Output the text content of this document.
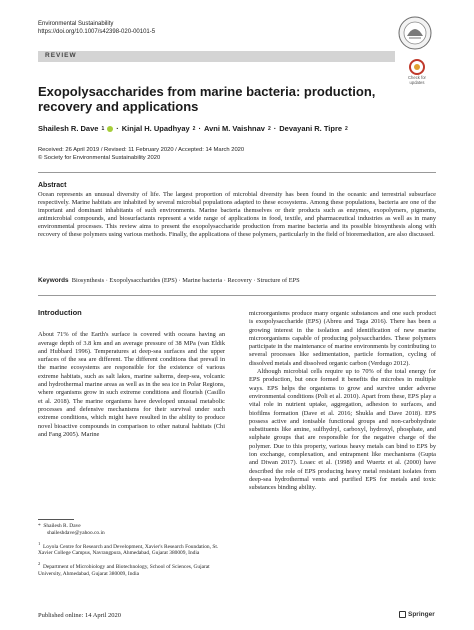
Environmental Sustainability
https://doi.org/10.1007/s42398-020-00101-5
Check for updates
REVIEW
Exopolysaccharides from marine bacteria: production, recovery and applications
Shailesh R. Dave 1 · Kinjal H. Upadhyay 2 · Avni M. Vaishnav 2 · Devayani R. Tipre 2
Received: 26 April 2019 / Revised: 11 February 2020 / Accepted: 14 March 2020
© Society for Environmental Sustainability 2020
Abstract
Ocean represents an unusual diversity of life. The largest proportion of microbial diversity has been found in the oceanic and terrestrial subsurface respectively. Marine habitats are inhabited by several microbial populations adapted to these ecosystems. Among these populations, bacteria are one of the important and dominant inhabitants of such environments. Marine bacteria themselves or their products such as enzymes, exopolymers, pigments, antimicrobial compounds, and biosurfactants represent a wide range of applications in food, textile, and pharmaceutical industries as well as in many environmental processes. This review aims to present the exopolysaccharide production from marine bacteria and its possible biosynthesis along with recovery of these polymers using various methods. Finally, the applications of these polymers, particularly in the field of bioremediation, are also discussed.
Keywords Biosynthesis · Exopolysaccharides (EPS) · Marine bacteria · Recovery · Structure of EPS
Introduction

About 71% of the Earth's surface is covered with oceans having an average depth of 3.8 km and an average pressure of 38 MPa (van Eldik and Hubbard 1996). Temperatures at deep-sea surfaces and the upper surfaces of the sea are different. The different conditions that prevail in the marine ecosystems are responsible for the existence of various extreme habitats, such as salt lakes, marine salterns, deep-sea, volcanic and hydrothermal marine areas as well as in the sea ice in Polar Regions, where organisms grow in such extreme conditions and flourish (Casillo et al. 2018). The marine organisms have developed unusual metabolic processes and defensive mechanisms for their survival under such extreme conditions, which might have resulted in the ability to produce novel bioactive compounds in comparison to other natural habitats (Chi and Fang 2005). Marine

microorganisms produce many organic substances and one such product is exopolysaccharide (EPS) (Abreu and Taga 2016). There has been a growing interest in the isolation and identification of new marine microorganisms capable of producing polysaccharides. These polymers participate in the maintenance of marine environments by contributing to several processes like sedimentation, particle formation, cycling of dissolved metals and dissolved organic carbon (Verdugo 2012).

Although microbial cells require up to 70% of the total energy for EPS production, but once formed it benefits the microbes in multiple ways. EPS helps the organisms to grow and survive under adverse environmental conditions (Poli et al. 2010). Apart from these, EPS play a vital role in nutrient uptake, aggregation, adhesion to surfaces, and biofilms formation (Dave et al. 2016; Shukla and Dave 2018). EPS possess active and ionisable functional groups and non-carbohydrate substituents like amine, sulfhydryl, carboxyl, hydroxyl, phosphate, and sulphate groups that are responsible for the negative charge of the polymer. Due to this property, various heavy metals can bind to EPS by ion exchange, complexation, and entrapment like mechanisms (Gupta and Diwan 2017). Loaec et al. (1998) and Wuertz et al. (2000) have described the role of EPS producing heavy metal resistant isolates from deep-sea hydrothermal vents and purified EPS for metals and toxic substances binding ability.

* Shailesh R. Dave
shaileshdave@yahoo.co.in
$^1$  Loyola Centre for Research and Development, Xavier's Research Foundation, St. Xavier College Campus, Navrangpura, Ahmedabad, Gujarat 380009, India
$^2$  Department of Microbiology and Biotechnology, School of Sciences, Gujarat University, Ahmedabad, Gujarat 380009, India
Published online: 14 April 2020	Springer
